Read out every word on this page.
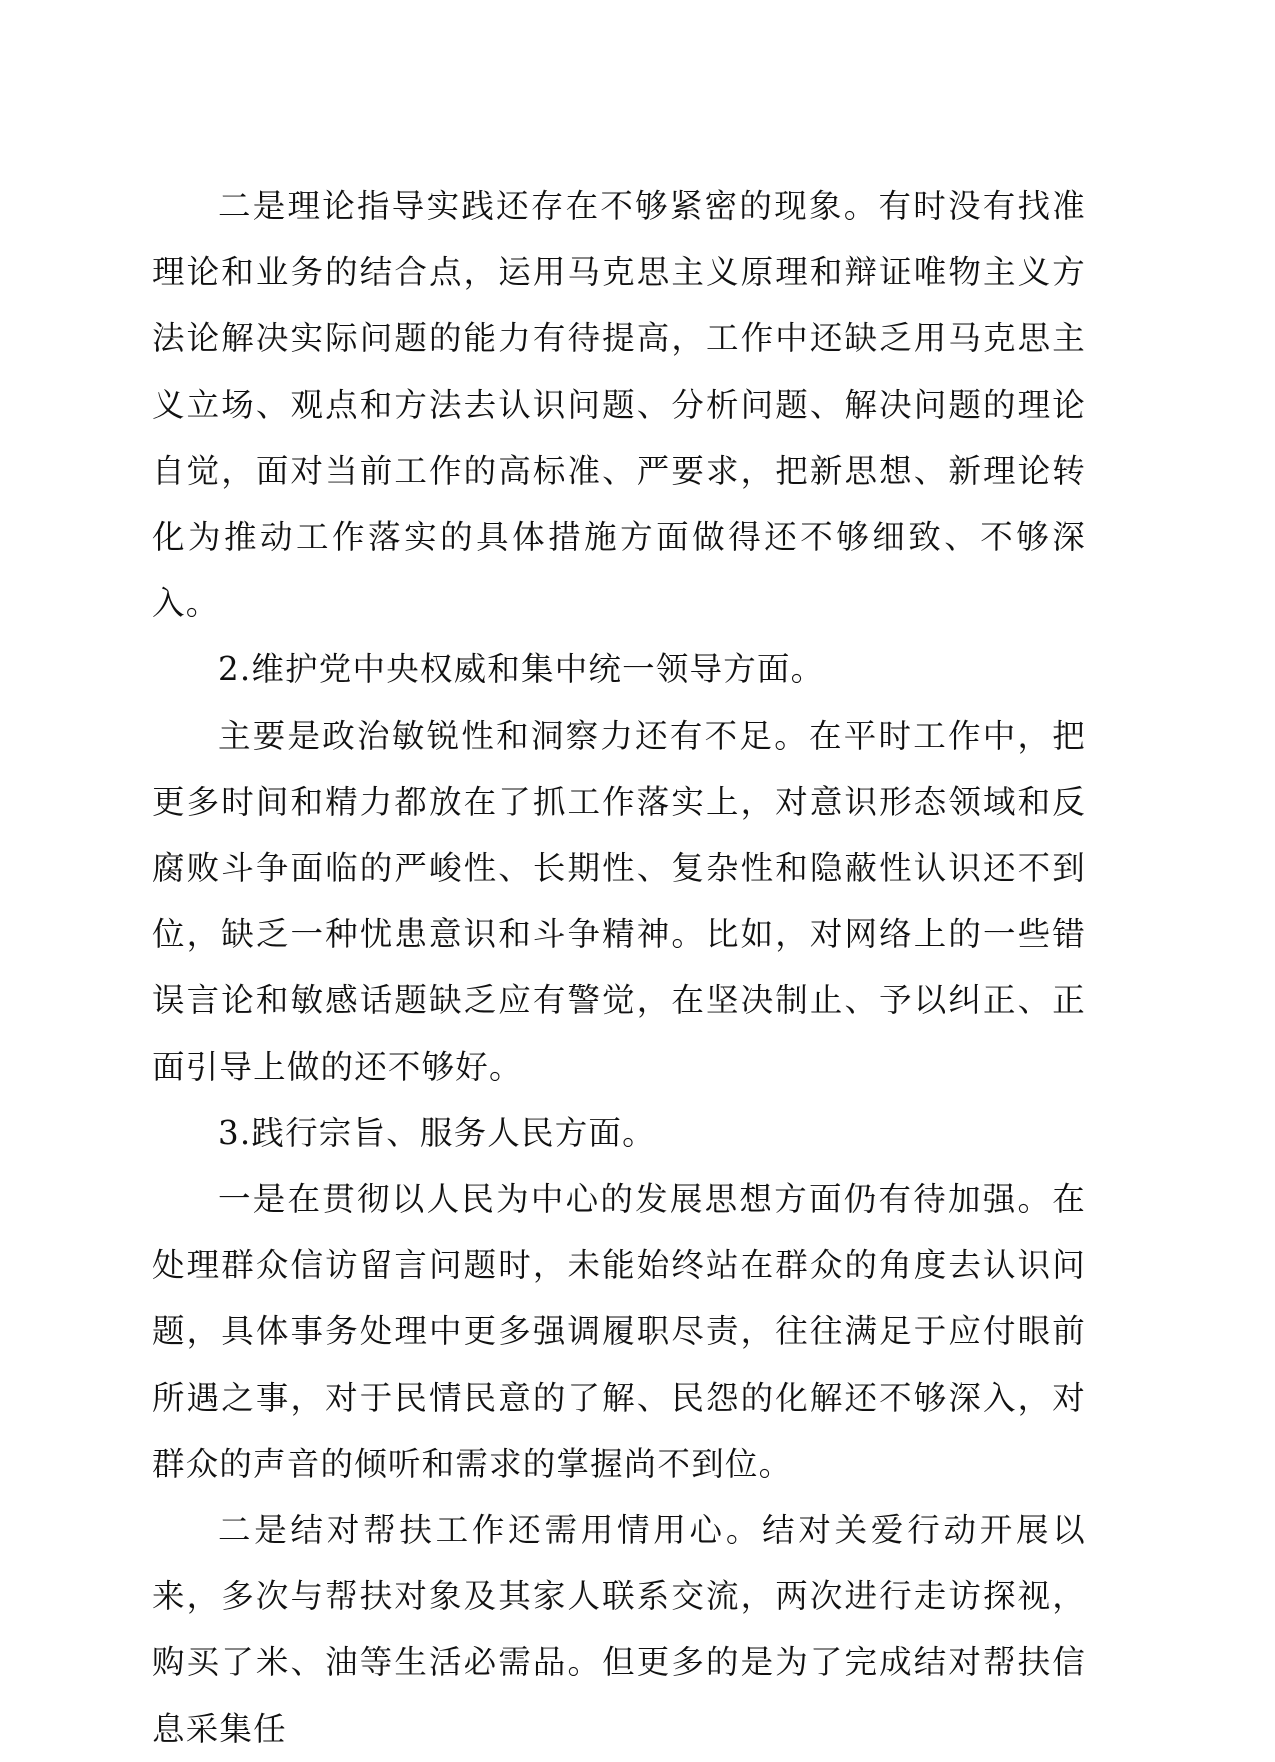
二是理论指导实践还存在不够紧密的现象。有时没有找准理论和业务的结合点，运用马克思主义原理和辩证唯物主义方法论解决实际问题的能力有待提高，工作中还缺乏用马克思主义立场、观点和方法去认识问题、分析问题、解决问题的理论自觉，面对当前工作的高标准、严要求，把新思想、新理论转化为推动工作落实的具体措施方面做得还不够细致、不够深入。

2.维护党中央权威和集中统一领导方面。

主要是政治敏锐性和洞察力还有不足。在平时工作中，把更多时间和精力都放在了抓工作落实上，对意识形态领域和反腐败斗争面临的严峻性、长期性、复杂性和隐蔽性认识还不到位，缺乏一种忧患意识和斗争精神。比如，对网络上的一些错误言论和敏感话题缺乏应有警觉，在坚决制止、予以纠正、正面引导上做的还不够好。

3.践行宗旨、服务人民方面。

一是在贯彻以人民为中心的发展思想方面仍有待加强。在处理群众信访留言问题时，未能始终站在群众的角度去认识问题，具体事务处理中更多强调履职尽责，往往满足于应付眼前所遇之事，对于民情民意的了解、民怨的化解还不够深入，对群众的声音的倾听和需求的掌握尚不到位。

二是结对帮扶工作还需用情用心。结对关爱行动开展以来，多次与帮扶对象及其家人联系交流，两次进行走访探视，购买了米、油等生活必需品。但更多的是为了完成结对帮扶信息采集任
